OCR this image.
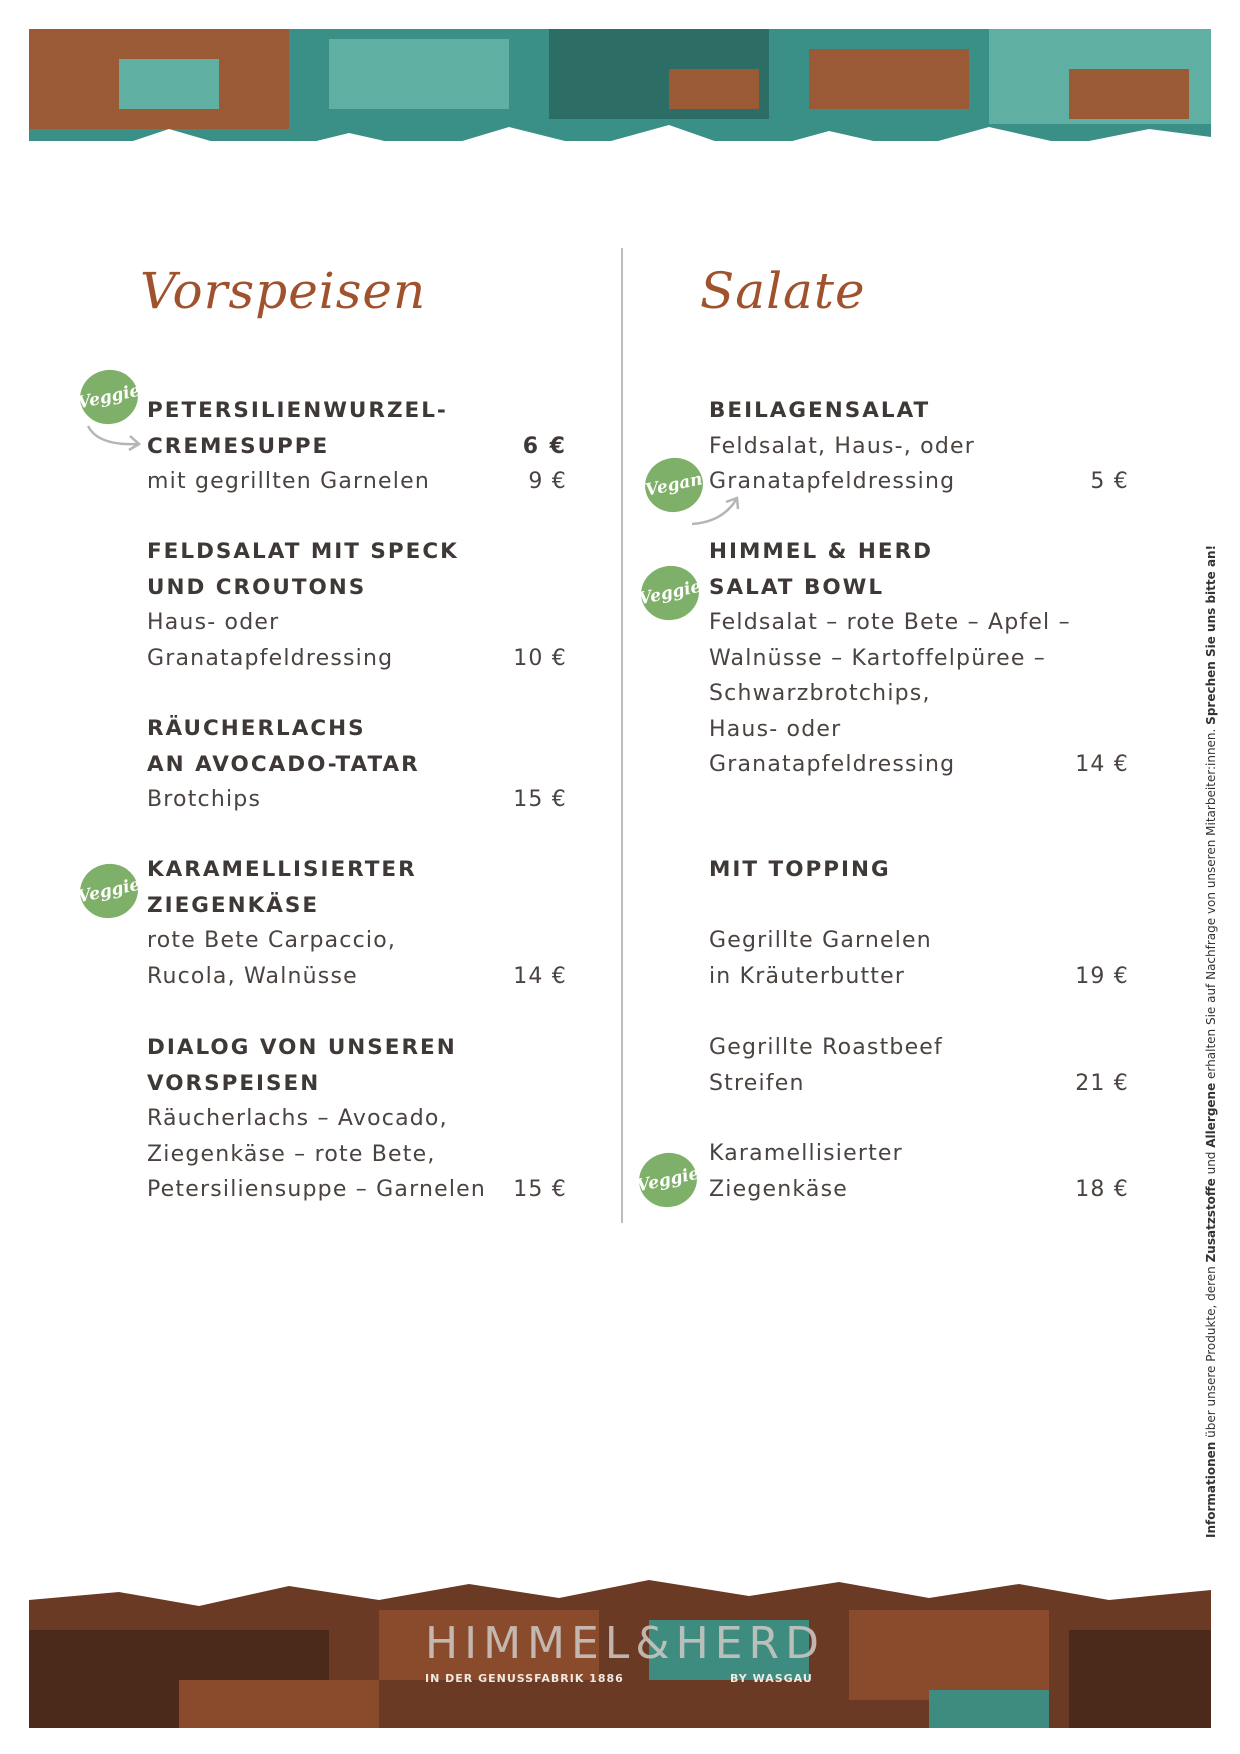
Vorspeisen
PETERSILIENWURZEL-
CREMESUPPE	6 €
mit gegrillten Garnelen	9 €
Veggie
FELDSALAT MIT SPECK
UND CROUTONS
Haus- oder
Granatapfeldressing	10 €
RÄUCHERLACHS
AN AVOCADO-TATAR
Brotchips	15 €
KARAMELLISIERTER
ZIEGENKÄSE
rote Bete Carpaccio,
Rucola, Walnüsse	14 €
Veggie
DIALOG VON UNSEREN
VORSPEISEN
Räucherlachs – Avocado,
Ziegenkäse – rote Bete,
Petersiliensuppe – Garnelen 15 €
Salate
BEILAGENSALAT
Feldsalat, Haus-, oder
Granatapfeldressing	5 €
Vegan
HIMMEL & HERD
SALAT BOWL
Feldsalat – rote Bete – Apfel –
Walnüsse – Kartoffelpüree –
Schwarzbrotchips,
Haus- oder
Granatapfeldressing	14 €
Veggie
MIT TOPPING
Gegrillte Garnelen
in Kräuterbutter	19 €
Gegrillte Roastbeef
Streifen	21 €
Karamellisierter
Ziegenkäse	18 €
Veggie
Informationen über unsere Produkte, deren Zusatzstoffe und Allergene erhalten Sie auf Nachfrage von unseren Mitarbeiter:innen. Sprechen Sie uns bitte an!
HIMMEL&HERD
IN DER GENUSSFABRIK 1886	BY WASGAU
